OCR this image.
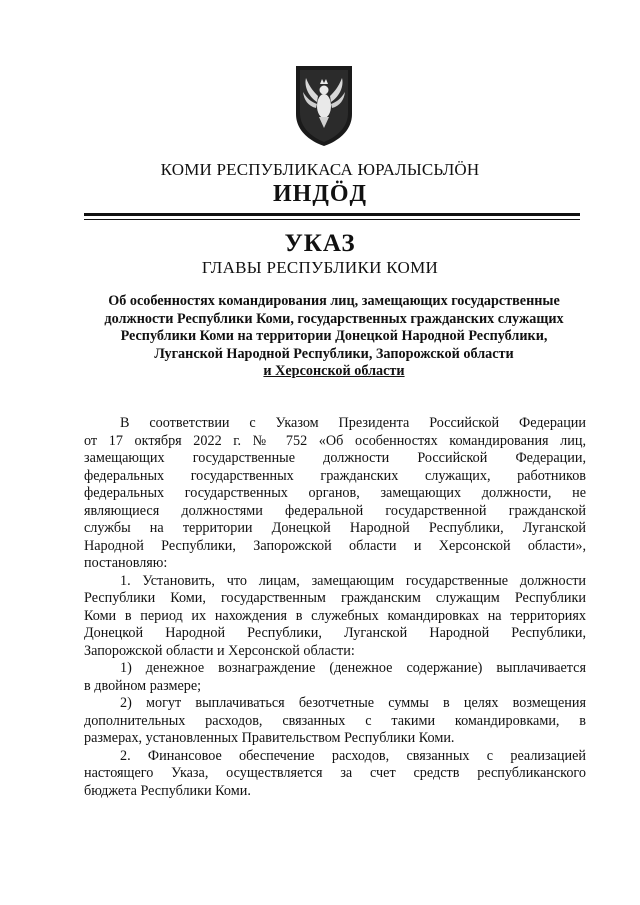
КОМИ РЕСПУБЛИКАСА ЮРАЛЫСЬЛÖН
ИНДÖД
УКАЗ
ГЛАВЫ РЕСПУБЛИКИ КОМИ
Об особенностях командирования лиц, замещающих государственные
должности Республики Коми, государственных гражданских служащих
Республики Коми на территории Донецкой Народной Республики,
Луганской Народной Республики, Запорожской области
и Херсонской области
В соответствии с Указом Президента Российской Федерации
от 17 октября 2022 г. № 752 «Об особенностях командирования лиц,
замещающих государственные должности Российской Федерации,
федеральных государственных гражданских служащих, работников
федеральных государственных органов, замещающих должности, не
являющиеся должностями федеральной государственной гражданской
службы на территории Донецкой Народной Республики, Луганской
Народной Республики, Запорожской области и Херсонской области»,
постановляю:
1. Установить, что лицам, замещающим государственные должности
Республики Коми, государственным гражданским служащим Республики
Коми в период их нахождения в служебных командировках на территориях
Донецкой Народной Республики, Луганской Народной Республики,
Запорожской области и Херсонской области:
1) денежное вознаграждение (денежное содержание) выплачивается
в двойном размере;
2) могут выплачиваться безотчетные суммы в целях возмещения
дополнительных расходов, связанных с такими командировками, в
размерах, установленных Правительством Республики Коми.
2. Финансовое обеспечение расходов, связанных с реализацией
настоящего Указа, осуществляется за счет средств республиканского
бюджета Республики Коми.
